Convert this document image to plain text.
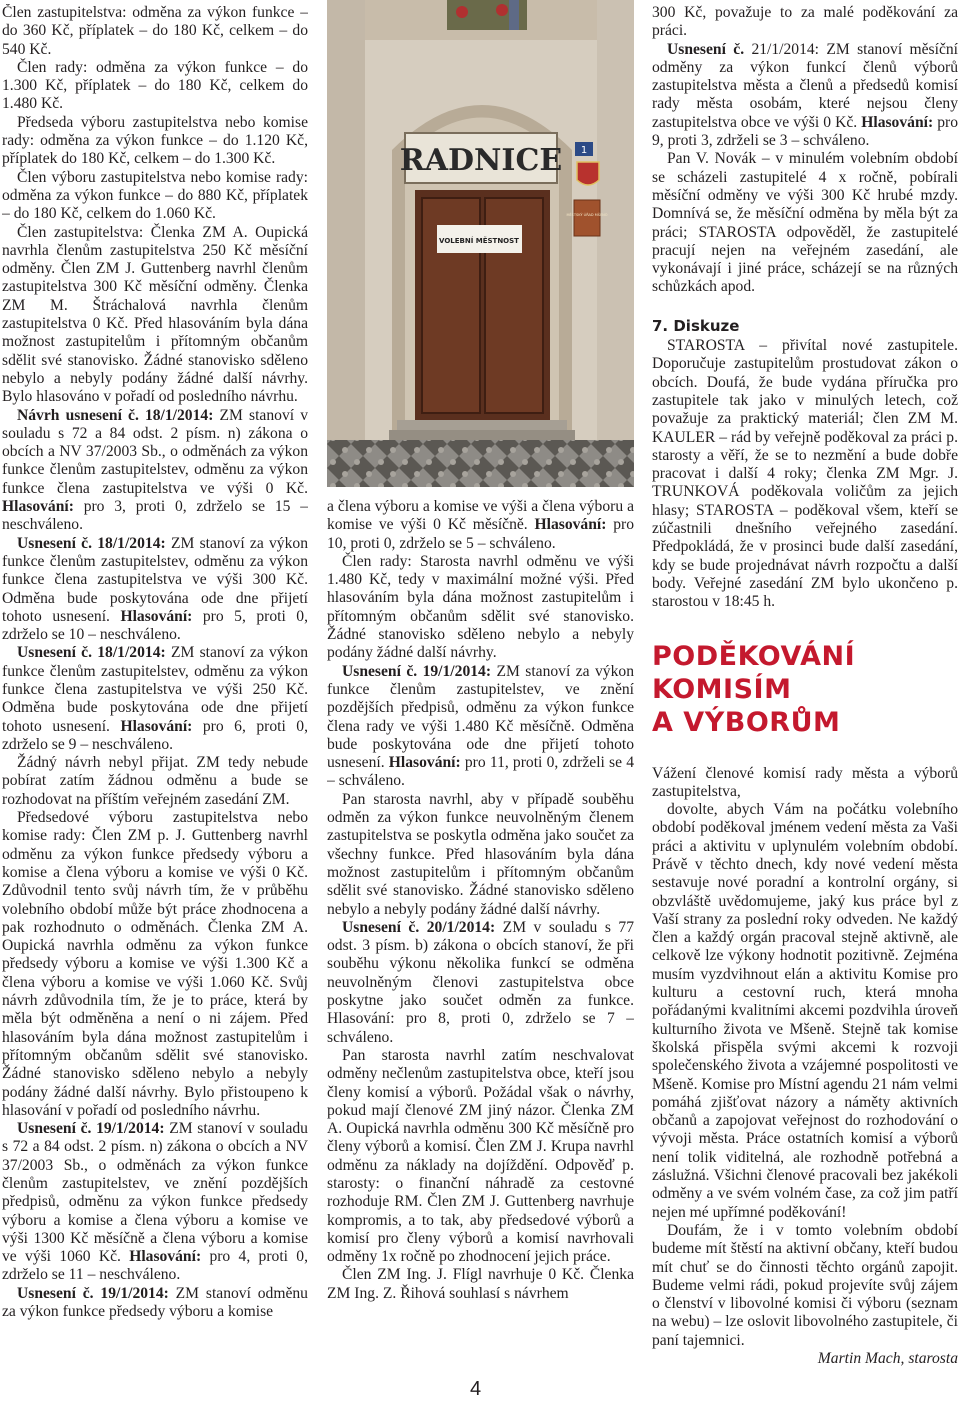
RADNICE
VOLEBNÍ MĚSTNOST
1
MĚSTSKÝ ÚŘAD MŠENO

Člen zastupitelstva: odměna za výkon funkce – do 360 Kč, příplatek – do 180 Kč, celkem – do 540 Kč.

Člen rady: odměna za výkon funkce – do 1.300 Kč, příplatek – do 180 Kč, celkem do 1.480 Kč.

Předseda výboru zastupitelstva nebo komise rady: odměna za výkon funkce – do 1.120 Kč, příplatek do 180 Kč, celkem – do 1.300 Kč.

Člen výboru zastupitelstva nebo komise rady: odměna za výkon funkce – do 880 Kč, příplatek – do 180 Kč, celkem do 1.060 Kč.

Člen zastupitelstva: Členka ZM A. Oupická navrhla členům zastupitelstva 250 Kč měsíční odměny. Člen ZM J. Guttenberg navrhl členům zastupitelstva 300 Kč měsíční odměny. Členka ZM M. Štráchalová navrhla členům zastupitelstva 0 Kč. Před hlasováním byla dána možnost zastupitelům i přítomným občanům sdělit své stanovisko. Žádné stanovisko sděleno nebylo a nebyly podány žádné další návrhy. Bylo hlasováno v pořadí od posledního návrhu.

Návrh usnesení č. 18/1/2014: ZM stanoví v souladu s 72 a 84 odst. 2 písm. n) zákona o obcích a NV 37/2003 Sb., o odměnách za výkon funkce členům zastupitelstev, odměnu za výkon funkce člena zastupitelstva ve výši 0 Kč. Hlasování: pro 3, proti 0, zdrželo se 15 – neschváleno.

Usnesení č. 18/1/2014: ZM stanoví za výkon funkce členům zastupitelstev, odměnu za výkon funkce člena zastupitelstva ve výši 300 Kč. Odměna bude poskytována ode dne přijetí tohoto usnesení. Hlasování: pro 5, proti 0, zdrželo se 10 – neschváleno.

Usnesení č. 18/1/2014: ZM stanoví za výkon funkce členům zastupitelstev, odměnu za výkon funkce člena zastupitelstva ve výši 250 Kč. Odměna bude poskytována ode dne přijetí tohoto usnesení. Hlasování: pro 6, proti 0, zdrželo se 9 – neschváleno.

Žádný návrh nebyl přijat. ZM tedy nebude pobírat zatím žádnou odměnu a bude se rozhodovat na příštím veřejném zasedání ZM.

Předsedové výboru zastupitelstva nebo komise rady: Člen ZM p. J. Guttenberg navrhl odměnu za výkon funkce předsedy výboru a komise a člena výboru a komise ve výši 0 Kč. Zdůvodnil tento svůj návrh tím, že v průběhu volebního období může být práce zhodnocena a pak rozhodnuto o odměnách. Členka ZM A. Oupická navrhla odměnu za výkon funkce předsedy výboru a komise ve výši 1.300 Kč a člena výboru a komise ve výši 1.060 Kč. Svůj návrh zdůvodnila tím, že je to práce, která by měla být odměněna a není o ni zájem. Před hlasováním byla dána možnost zastupitelům i přítomným občanům sdělit své stanovisko. Žádné stanovisko sděleno nebylo a nebyly podány žádné další návrhy. Bylo přistoupeno k hlasování v pořadí od posledního návrhu.

Usnesení č. 19/1/2014: ZM stanoví v souladu s 72 a 84 odst. 2 písm. n) zákona o obcích a NV 37/2003 Sb., o odměnách za výkon funkce členům zastupitelstev, ve znění pozdějších předpisů, odměnu za výkon funkce předsedy výboru a komise a člena výboru a komise ve výši 1300 Kč měsíčně a člena výboru a komise ve výši 1060 Kč. Hlasování: pro 4, proti 0, zdrželo se 11 – neschváleno.

Usnesení č. 19/1/2014: ZM stanoví odměnu za výkon funkce předsedy výboru a komise

a člena výboru a komise ve výši a člena výboru a komise ve výši 0 Kč měsíčně. Hlasování: pro 10, proti 0, zdrželo se 5 – schváleno.

Člen rady: Starosta navrhl odměnu ve výši 1.480 Kč, tedy v maximální možné výši. Před hlasováním byla dána možnost zastupitelům i přítomným občanům sdělit své stanovisko. Žádné stanovisko sděleno nebylo a nebyly podány žádné další návrhy.

Usnesení č. 19/1/2014: ZM stanoví za výkon funkce členům zastupitelstev, ve znění pozdějších předpisů, odměnu za výkon funkce člena rady ve výši 1.480 Kč měsíčně. Odměna bude poskytována ode dne přijetí tohoto usnesení. Hlasování: pro 11, proti 0, zdrželi se 4 – schváleno.

Pan starosta navrhl, aby v případě souběhu odměn za výkon funkce neuvolněným členem zastupitelstva se poskytla odměna jako součet za všechny funkce. Před hlasováním byla dána možnost zastupitelům i přítomným občanům sdělit své stanovisko. Žádné stanovisko sděleno nebylo a nebyly podány žádné další návrhy.

Usnesení č. 20/1/2014: ZM v souladu s 77 odst. 3 písm. b) zákona o obcích stanoví, že při souběhu výkonu několika funkcí se odměna neuvolněným členovi zastupitelstva obce poskytne jako součet odměn za funkce. Hlasování: pro 8, proti 0, zdrželo se 7 – schváleno.

Pan starosta navrhl zatím neschvalovat odměny nečlenům zastupitelstva obce, kteří jsou členy komisí a výborů. Požádal však o návrhy, pokud mají členové ZM jiný názor. Členka ZM A. Oupická navrhla odměnu 300 Kč měsíčně pro členy výborů a komisí. Člen ZM J. Krupa navrhl odměnu za náklady na dojíždění. Odpověď p. starosty: o finanční náhradě za cestovné rozhoduje RM. Člen ZM J. Guttenberg navrhuje kompromis, a to tak, aby předsedové výborů a komisí pro členy výborů a komisí navrhovali odměny 1x ročně po zhodnocení jejich práce.

Člen ZM Ing. J. Flígl navrhuje 0 Kč. Členka ZM Ing. Z. Řihová souhlasí s návrhem

300 Kč, považuje to za malé poděkování za práci.

Usnesení č. 21/1/2014: ZM stanoví měsíční odměny za výkon funkcí členů výborů zastupitelstva města a členů a předsedů komisí rady města osobám, které nejsou členy zastupitelstva obce ve výši 0 Kč. Hlasování: pro 9, proti 3, zdrželi se 3 – schváleno.

Pan V. Novák – v minulém volebním období se scházeli zastupitelé 4 x ročně, pobírali měsíční odměny ve výši 300 Kč hrubé mzdy. Domnívá se, že měsíční odměna by měla být za práci; STAROSTA odpověděl, že zastupitelé pracují nejen na veřejném zasedání, ale vykonávají i jiné práce, scházejí se na různých schůzkách apod.

7. Diskuze

STAROSTA – přivítal nové zastupitele. Doporučuje zastupitelům prostudovat zákon o obcích. Doufá, že bude vydána příručka pro zastupitele tak jako v minulých letech, což považuje za praktický materiál; člen ZM M. KAULER – rád by veřejně poděkoval za práci p. starosty a věří, že se to nezmění a bude dobře pracovat i další 4 roky; členka ZM Mgr. J. TRUNKOVÁ poděkovala voličům za jejich hlasy; STAROSTA – poděkoval všem, kteří se zúčastnili dnešního veřejného zasedání. Předpokládá, že v prosinci bude další zasedání, kdy se bude projednávat návrh rozpočtu a další body. Veřejné zasedání ZM bylo ukončeno p. starostou v 18:45 h.

PODĚKOVÁNÍ KOMISÍM
A VÝBORŮM

Vážení členové komisí rady města a výborů zastupitelstva,

dovolte, abych Vám na počátku volebního období poděkoval jménem vedení města za Vaši práci a aktivitu v uplynulém volebním období. Právě v těchto dnech, kdy nové vedení města sestavuje nové poradní a kontrolní orgány, si obzvláště uvědomujeme, jaký kus práce byl z Vaší strany za poslední roky odveden. Ne každý člen a každý orgán pracoval stejně aktivně, ale celkově lze výkony hodnotit pozitivně. Zejména musím vyzdvihnout elán a aktivitu Komise pro kulturu a cestovní ruch, která mnoha pořádanými kvalitními akcemi pozdvihla úroveň kulturního života ve Mšeně. Stejně tak komise školská přispěla svými akcemi k rozvoji společenského života a vzájemné pospolitosti ve Mšeně. Komise pro Místní agendu 21 nám velmi pomáhá zjišťovat názory a náměty aktivních občanů a zapojovat veřejnost do rozhodování o vývoji města. Práce ostatních komisí a výborů není tolik viditelná, ale rozhodně potřebná a záslužná. Všichni členové pracovali bez jakékoli odměny a ve svém volném čase, za což jim patří nejen mé upřímné poděkování!

Doufám, že i v tomto volebním období budeme mít štěstí na aktivní občany, kteří budou mít chuť se do činnosti těchto orgánů zapojit. Budeme velmi rádi, pokud projevíte svůj zájem o členství v libovolné komisi či výboru (seznam na webu) – lze oslovit libovolného zastupitele, či paní tajemnici.

Martin Mach, starosta

4
